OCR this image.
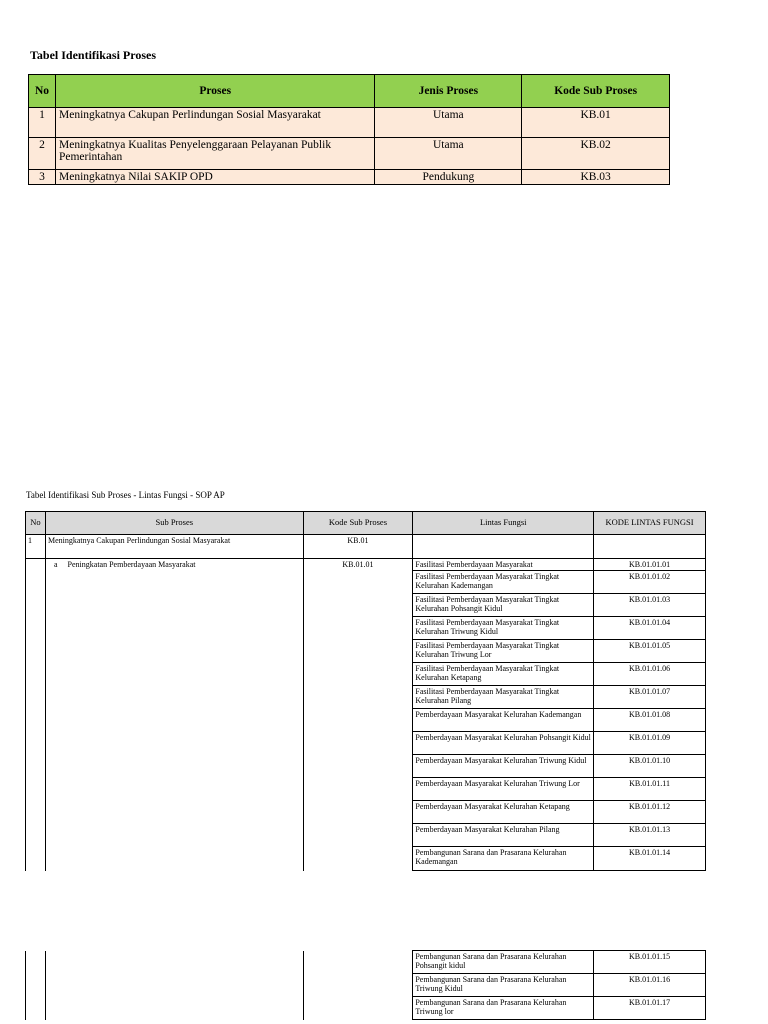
Tabel Identifikasi Proses
No	Proses	Jenis Proses	Kode Sub Proses
1	Meningkatnya Cakupan Perlindungan Sosial Masyarakat	Utama	KB.01
2	Meningkatnya Kualitas Penyelenggaraan Pelayanan Publik Pemerintahan	Utama	KB.02
3	Meningkatnya Nilai SAKIP OPD	Pendukung	KB.03
Tabel Identifikasi Sub Proses - Lintas Fungsi - SOP AP
No	Sub Proses	Kode Sub Proses	Lintas Fungsi	KODE LINTAS FUNGSI
1	Meningkatnya Cakupan Perlindungan Sosial Masyarakat	KB.01		
	a Peningkatan Pemberdayaan Masyarakat	KB.01.01	Fasilitasi Pemberdayaan Masyarakat	KB.01.01.01
			Fasilitasi Pemberdayaan Masyarakat Tingkat Kelurahan Kademangan	KB.01.01.02
			Fasilitasi Pemberdayaan Masyarakat Tingkat Kelurahan Pohsangit Kidul	KB.01.01.03
			Fasilitasi Pemberdayaan Masyarakat Tingkat Kelurahan Triwung Kidul	KB.01.01.04
			Fasilitasi Pemberdayaan Masyarakat Tingkat Kelurahan Triwung Lor	KB.01.01.05
			Fasilitasi Pemberdayaan Masyarakat Tingkat Kelurahan Ketapang	KB.01.01.06
			Fasilitasi Pemberdayaan Masyarakat Tingkat Kelurahan Pilang	KB.01.01.07
			Pemberdayaan Masyarakat Kelurahan Kademangan	KB.01.01.08
			Pemberdayaan Masyarakat Kelurahan Pohsangit Kidul	KB.01.01.09
			Pemberdayaan Masyarakat Kelurahan Triwung Kidul	KB.01.01.10
			Pemberdayaan Masyarakat Kelurahan Triwung Lor	KB.01.01.11
			Pemberdayaan Masyarakat Kelurahan Ketapang	KB.01.01.12
			Pemberdayaan Masyarakat Kelurahan Pilang	KB.01.01.13
			Pembangunan Sarana dan Prasarana Kelurahan Kademangan	KB.01.01.14
			Pembangunan Sarana dan Prasarana Kelurahan Pohsangit kidul	KB.01.01.15
			Pembangunan Sarana dan Prasarana Kelurahan Triwung Kidul	KB.01.01.16
			Pembangunan Sarana dan Prasarana Kelurahan Triwung lor	KB.01.01.17
